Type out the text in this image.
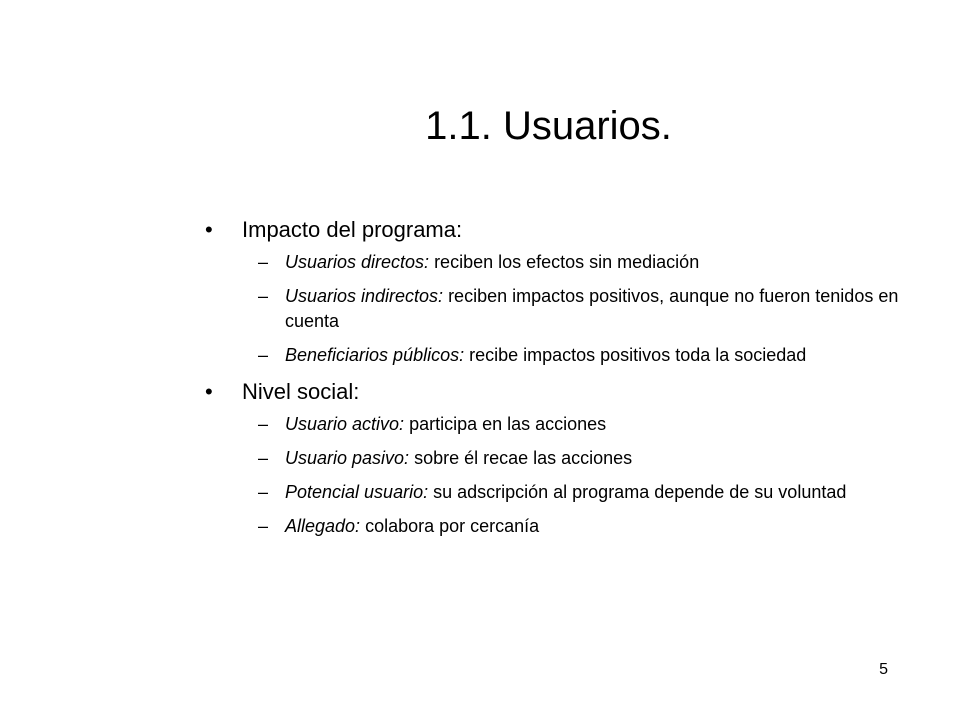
1.1. Usuarios.
• Impacto del programa:
– Usuarios directos: reciben los efectos sin mediación
– Usuarios indirectos: reciben impactos positivos, aunque no fueron tenidos en cuenta
– Beneficiarios públicos: recibe impactos positivos toda la sociedad
• Nivel social:
– Usuario activo: participa en las acciones
– Usuario pasivo: sobre él recae las acciones
– Potencial usuario: su adscripción al programa depende de su voluntad
– Allegado: colabora por cercanía
5
